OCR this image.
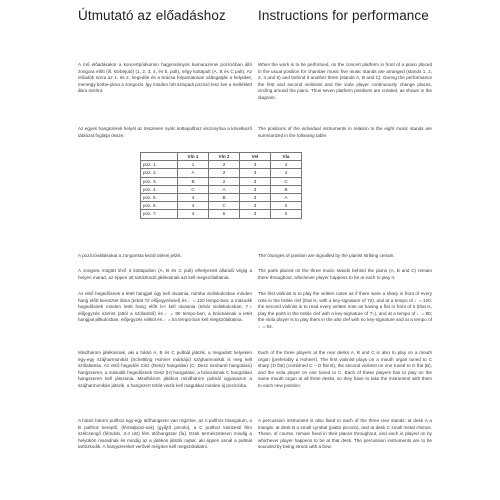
Útmutató az előadáshoz
A mű előadásakor a koncertpódiumon hagyományos kamarazenei pozícióban álló zongora előtt (ill. körbejutó) (1, 2, 3, 4, és 5. pult), négy kottapult (A, B és C pult). Az előadók sorra az 1. és 2. hegedűs és a brácsa folyamatosan váltogatják a helyüket, menetgy körbe-járva a zongorát. Így minden hét szinpadi pozíció lesz ilve a melléklett ábra szerint.
Az egyes hangszerek helyét az összesen nyolc kottapulthoz viszonyítva a következő táblázat foglalja össze:
A pozícióváltásokat a zongorista kezdi ütései jelzik.
A zongora mögött lévő 3 kottapulton (A, B és C pult) elhelyezett állandó végig a helyén marad, az éppen ott tartózkodó játékosnak azt kell megszólaltatnia.
Az első hegedűsnek a letét hangjait úgy kell olvasnia, mintha violinkulcsban minden hang előtt keresztet látna (tehát 7♯ előjegyzéssel) és ♩= 120 tempo-ban; a második hegedűsnek minden letét hang előtt b-t kell olvasnia (tehát violinkulcsban, 7♭ előjegyzés szerint (attól a szólamtól) és ♩= 80 tempo-ban; a brácsásnak a letét hangjait altkulcsban, előjegyzés nélkül és ♩= 54 tempo-ban kell megszólaltatnia.
Mindhárom játékosnak, aki a hátsó A, B és C pultnál játszik, a megadott helyeken egy-egy szájharmonikát (Schettling Hohner márkájú) szájharmonikát is meg kell szólaltatnia. Az első hegedűs Cisz (Desz) hangolású (C: Desz lombardi hangolású) hangszeren, a második hegedűsnek Gesz (H) hangolású, a brácsásnak C hangolású hangszeren kell játszania. Mindhárom játékos mindhárom pultnál ugyanazon a szájharmonikán játszik, a hangszert tehát viszik kell magukkal minden új pozícióba.
A hátsó három pulthoz egy-egy ütőhangszer van rögzítve, az A pulthoz triangulum, a B pulthoz kereplő, (fémtalpos/-sok) (gyűjtő pircolo), a C pulthoz kisrizestí fém szélcsengő (fémdob, 3-4 üst) fém ütőhangszer (fa). Ezek természetesen mindig a helyükön maradnak és mindig az a játékos játszik rajtuk, aki éppen annál a pultnál tartózkodik. A hangszereket verővel mégítve kell megszólaltatni.
Instructions for performance
When the work is to be performed, on the concert platform in front of a piano placed in the usual position for chamber music five music stands are arranged (stands 1, 2, 3, 4 and 5) and behind it another three (stands A, B and C). During the performance the first and second violinists and the viola player continuously change places, circling around the piano. Thus seven platform positions are created, as shown in the diagram.
The positions of the individual instruments in relation to the eight music stands are summarized in the following table:
The changes of position are signalled by the pianist striking certain.
The parts placed on the three music stands behind the piano (A, B and C) remain there throughout, whichever player happens to be at each to play it.
The first violinist is to play the written notes as if there were a sharp in front of every note in the treble clef (that is, with a key-signature of 7♯), and at a tempo of ♩= 120; the second violinist is to read every written note as having a flat in front of it (that is, play the parts in the treble clef with a key-signature of 7♭), and at a tempo of ♩= 80; the viola player is to play them in the alto clef with no key-signature and at a tempo of ♩= 54.
Each of the three players at the rear desks A, B and C is also to play on a mouth organ (preferably a Hohner). The first violinist plays on a mouth organ tuned to C sharp (D flat) (combined C – D flat B), the second violinist on one tuned to G flat (B), and the viola player on one tuned to C. Each of these players has to play on the same mouth organ at all three desks, so they have to take the instrument with them to each new position.
A percussion instrument is also fixed to each of the three rear stands: at desk A a triangle, at desk B a small cymbal (piatto piccolo), and at desk C small metal chimes. These, of course, remain fixed in their places throughout, and each is played on by whichever player happens to be at that desk. The percussion instruments are to be sounded by being struck with a bow.
	Vln 1	Vln 2	Vel	Vla
poz. 1.	1	2	3	4
poz. 2.	A	2	3	4
poz. 3.	B	2	3	C
poz. 4.	C	A	3	B
poz. 5.	4	B	3	A
poz. 6.	4	C	3	2
poz. 7.	4	5	3	2
